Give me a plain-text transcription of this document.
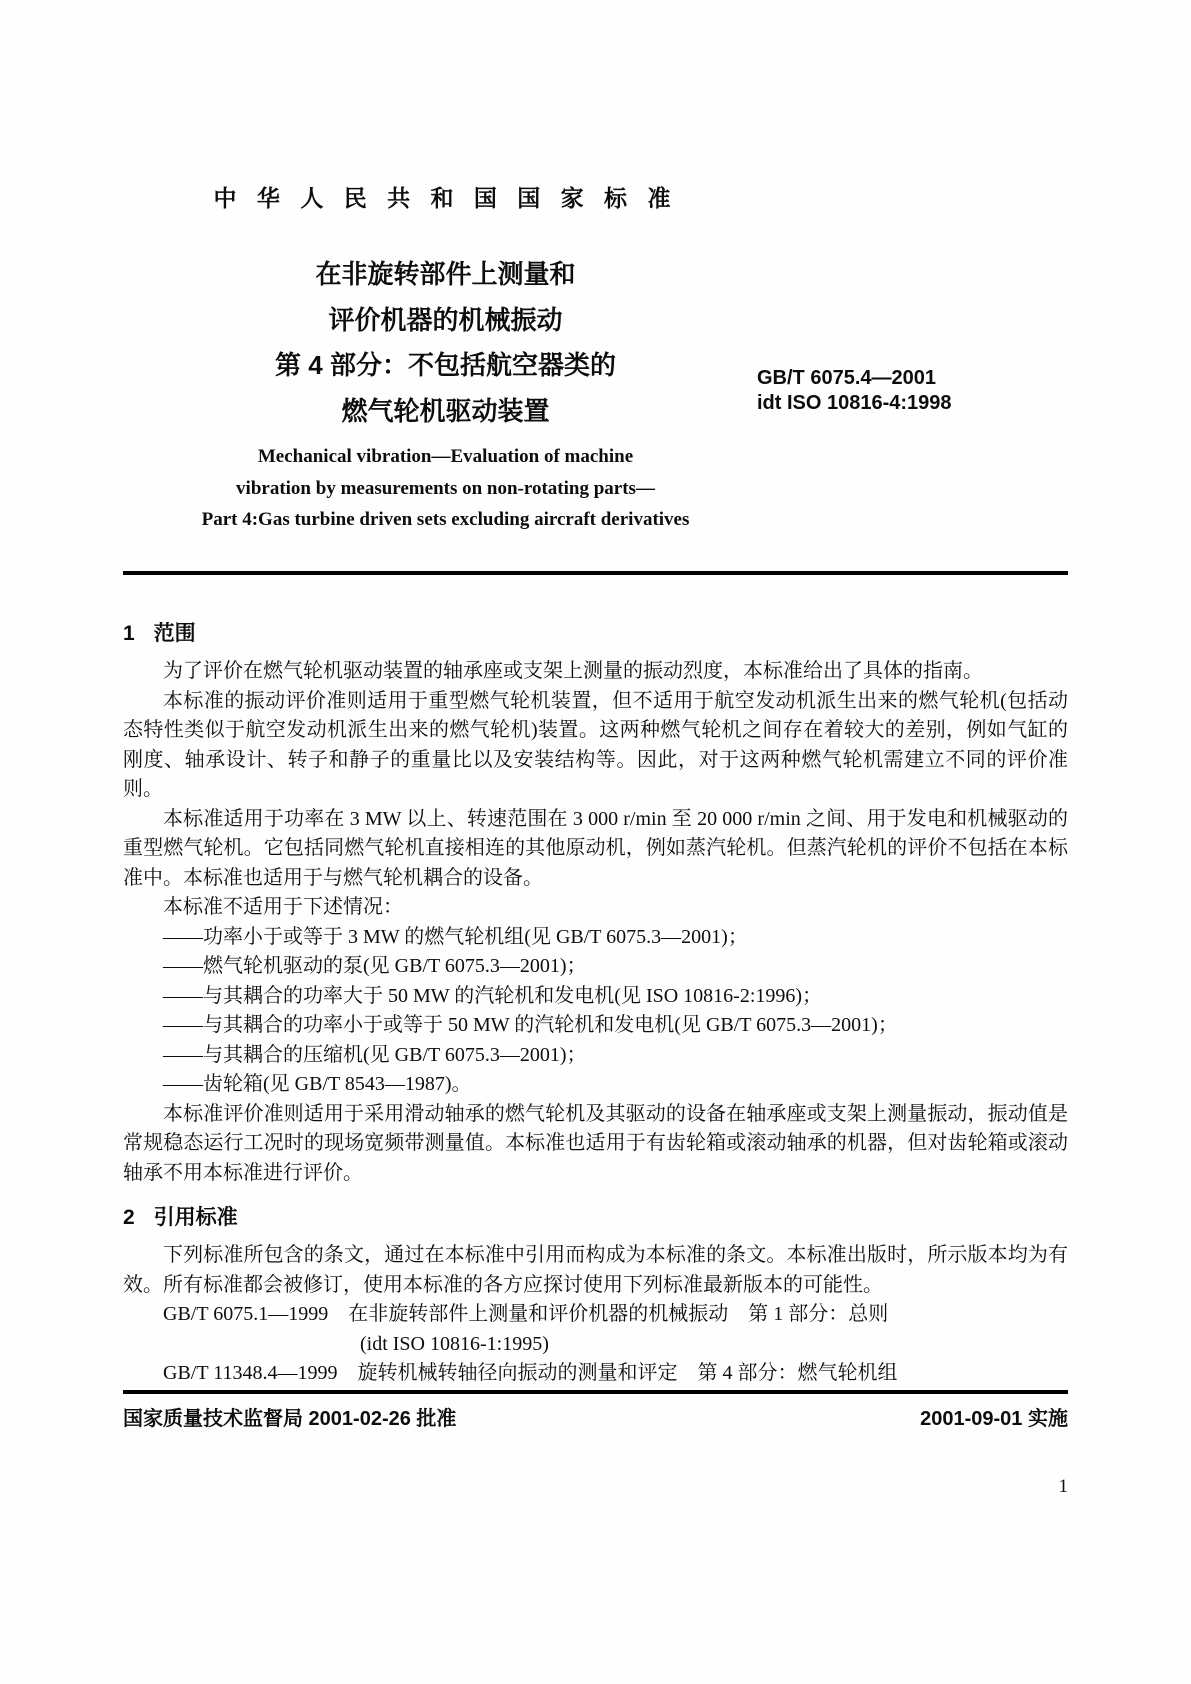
中 华 人 民 共 和 国 国 家 标 准
在非旋转部件上测量和
评价机器的机械振动
第 4 部分：不包括航空器类的
燃气轮机驱动装置
GB/T 6075.4—2001
idt ISO 10816-4:1998
Mechanical vibration—Evaluation of machine
vibration by measurements on non-rotating parts—
Part 4:Gas turbine driven sets excluding aircraft derivatives
1 范围

为了评价在燃气轮机驱动装置的轴承座或支架上测量的振动烈度，本标准给出了具体的指南。

本标准的振动评价准则适用于重型燃气轮机装置，但不适用于航空发动机派生出来的燃气轮机(包括动态特性类似于航空发动机派生出来的燃气轮机)装置。这两种燃气轮机之间存在着较大的差别，例如气缸的刚度、轴承设计、转子和静子的重量比以及安装结构等。因此，对于这两种燃气轮机需建立不同的评价准则。

本标准适用于功率在 3 MW 以上、转速范围在 3 000 r/min 至 20 000 r/min 之间、用于发电和机械驱动的重型燃气轮机。它包括同燃气轮机直接相连的其他原动机，例如蒸汽轮机。但蒸汽轮机的评价不包括在本标准中。本标准也适用于与燃气轮机耦合的设备。

本标准不适用于下述情况：

——功率小于或等于 3 MW 的燃气轮机组(见 GB/T 6075.3—2001)；

——燃气轮机驱动的泵(见 GB/T 6075.3—2001)；

——与其耦合的功率大于 50 MW 的汽轮机和发电机(见 ISO 10816-2:1996)；

——与其耦合的功率小于或等于 50 MW 的汽轮机和发电机(见 GB/T 6075.3—2001)；

——与其耦合的压缩机(见 GB/T 6075.3—2001)；

——齿轮箱(见 GB/T 8543—1987)。

本标准评价准则适用于采用滑动轴承的燃气轮机及其驱动的设备在轴承座或支架上测量振动，振动值是常规稳态运行工况时的现场宽频带测量值。本标准也适用于有齿轮箱或滚动轴承的机器，但对齿轮箱或滚动轴承不用本标准进行评价。

2 引用标准

下列标准所包含的条文，通过在本标准中引用而构成为本标准的条文。本标准出版时，所示版本均为有效。所有标准都会被修订，使用本标准的各方应探讨使用下列标准最新版本的可能性。

GB/T 6075.1—1999　在非旋转部件上测量和评价机器的机械振动　第 1 部分：总则

(idt ISO 10816-1:1995)

GB/T 11348.4—1999　旋转机械转轴径向振动的测量和评定　第 4 部分：燃气轮机组

国家质量技术监督局 2001-02-26 批准	2001-09-01 实施
1
